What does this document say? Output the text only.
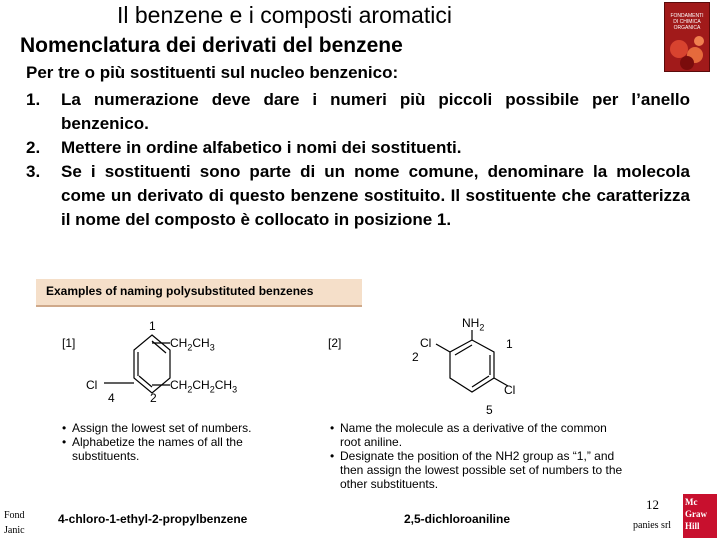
Il benzene e i composti aromatici
Nomenclatura dei derivati del benzene
FONDAMENTI
DI CHIMICA
ORGANICA
Per tre o più sostituenti sul nucleo benzenico:
1. La numerazione deve dare i numeri più piccoli possibile per l’anello benzenico.
2. Mettere in ordine alfabetico i nomi dei sostituenti.
3. Se i sostituenti sono parte di un nome comune, denominare la molecola come un derivato di questo benzene sostituito. Il sostituente che caratterizza il nome del composto è collocato in posizione 1.
Examples of naming polysubstituted benzenes
[1]
1
4	2
$CH_2CH_3$
$CH_2CH_2CH_3$
Cl
• Assign the lowest set of numbers.
• Alphabetize the names of all the substituents.
4-chloro-1-ethyl-2-propylbenzene
[2]
$NH_2$
Cl
Cl
1
2
5
• Name the molecule as a derivative of the common root aniline.
• Designate the position of the NH2 group as “1,” and then assign the lowest possible set of numbers to the other substituents.
2,5-dichloroaniline
Fond
Janic
12
panies srl
Mc
Graw
Hill
